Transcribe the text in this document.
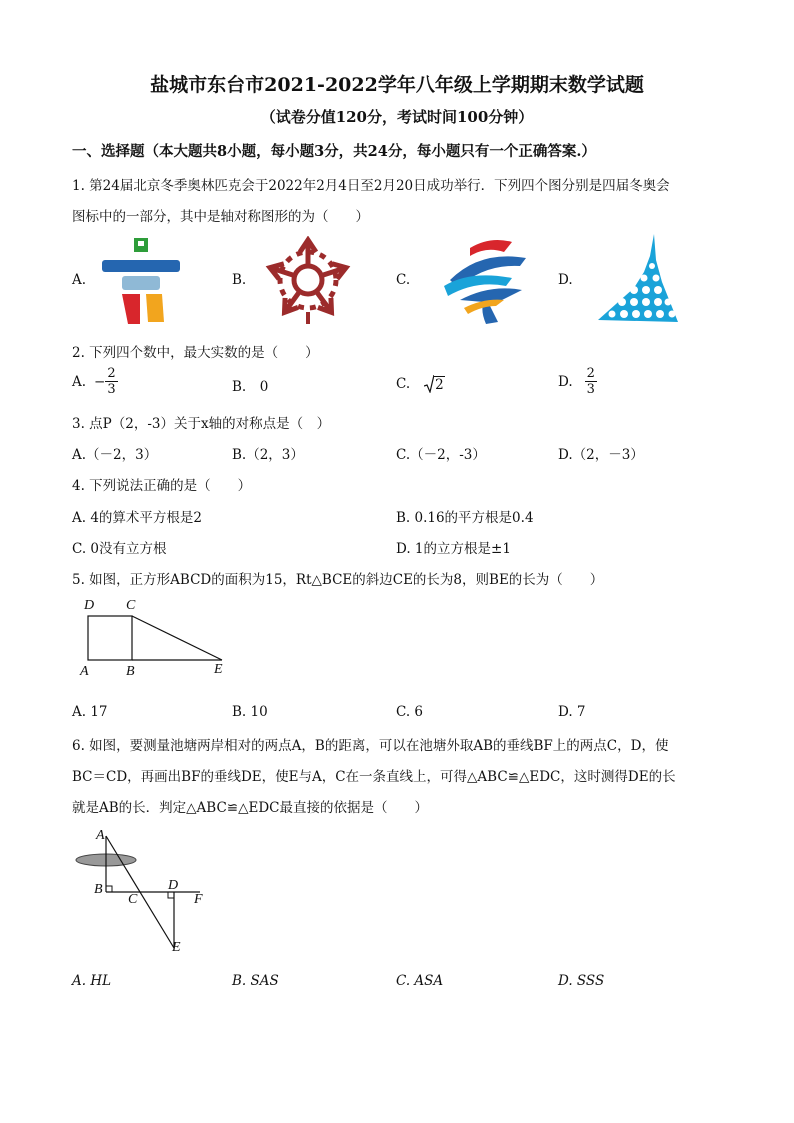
盐城市东台市2021-2022学年八年级上学期期末数学试题
（试卷分值120分，考试时间100分钟）
一、选择题（本大题共8小题，每小题3分，共24分，每小题只有一个正确答案.）
1. 第24届北京冬季奥林匹克会于2022年2月4日至2月20日成功举行．下列四个图分别是四届冬奥会
图标中的一部分，其中是轴对称图形的为（　　）
A.	B.	C.	D.
2. 下列四个数中，最大实数的是（　　）
A. − $\frac{2}{3}$	B.　0	C. 2	D. $\frac{2}{3}$
3. 点P（2，-3）关于x轴的对称点是（　）
A.（－2，3）	B.（2，3）	C.（－2，-3）	D.（2，－3）
4. 下列说法正确的是（　　）
A. 4的算术平方根是2	B. 0.16的平方根是0.4
C. 0没有立方根	D. 1的立方根是±1
5. 如图，正方形ABCD的面积为15，Rt△BCE的斜边CE的长为8，则BE的长为（　　）
D C
A	B	E
A. 17	B. 10	C. 6	D. 7
6. 如图，要测量池塘两岸相对的两点A，B的距离，可以在池塘外取AB的垂线BF上的两点C，D，使
BC＝CD，再画出BF的垂线DE，使E与A，C在一条直线上，可得△ABC≌△EDC，这时测得DE的长
就是AB的长．判定△ABC≌△EDC最直接的依据是（　　）
A
B
C
D
F
E
A. HL	B. SAS	C. ASA	D. SSS
